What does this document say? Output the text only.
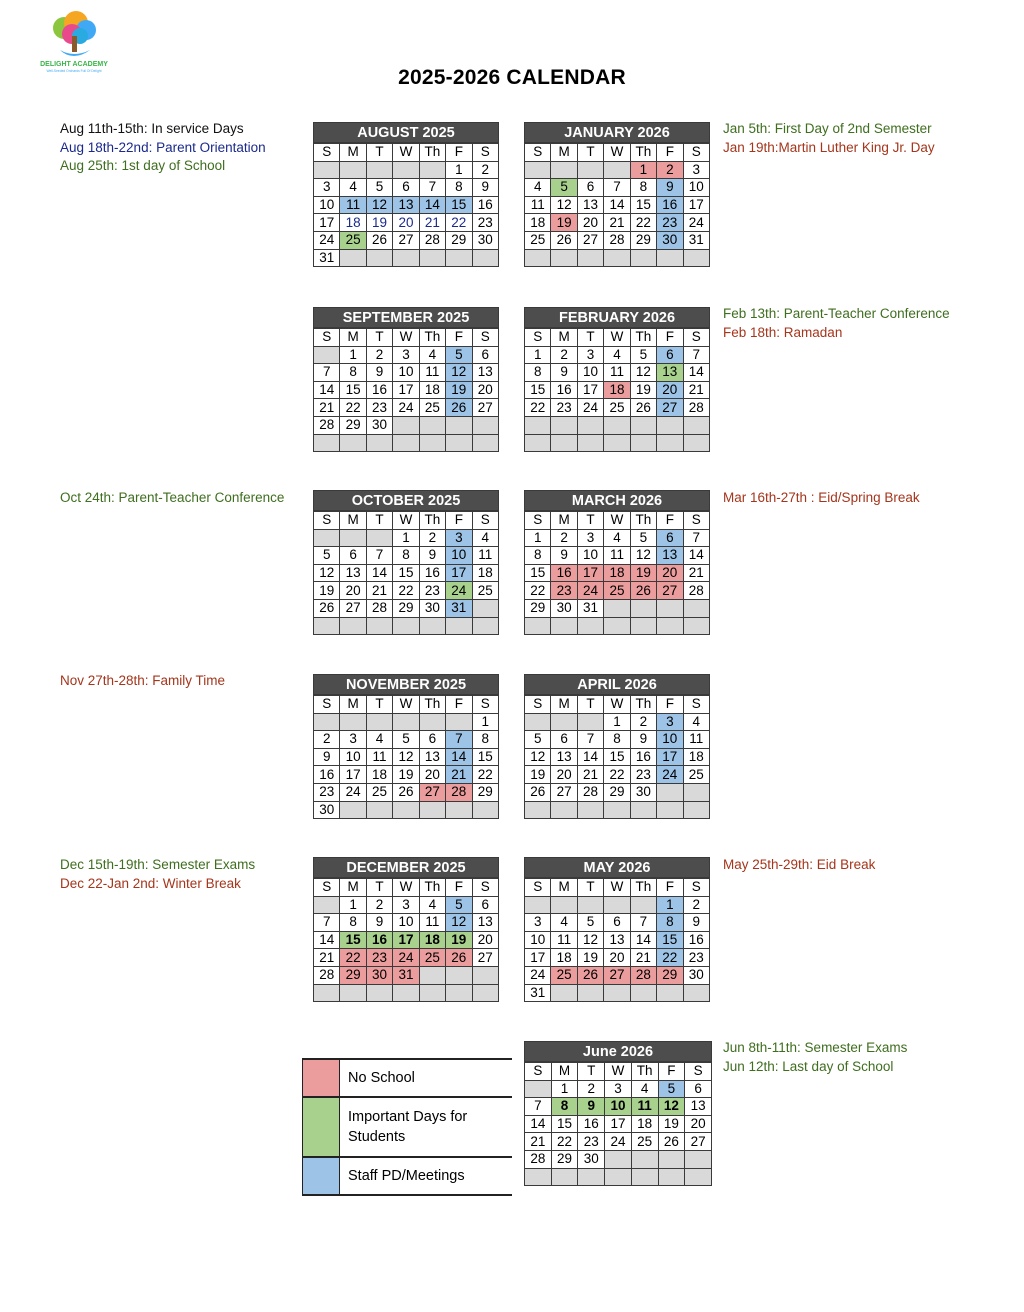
DELIGHT ACADEMY
Well-Seeded Orchards Full Of Delight	2025-2026 CALENDAR
Aug 11th-15th: In service Days
Aug 18th-22nd: Parent Orientation
Aug 25th: 1st day of School
Jan 5th: First Day of 2nd Semester
Jan 19th:Martin Luther King Jr. Day
Feb 13th: Parent-Teacher Conference
Feb 18th: Ramadan
Oct 24th: Parent-Teacher Conference	Mar 16th-27th : Eid/Spring Break
Nov 27th-28th: Family Time
Dec 15th-19th: Semester Exams
Dec 22-Jan 2nd: Winter Break
May 25th-29th: Eid Break
Jun 8th-11th: Semester Exams
Jun 12th: Last day of School
AUGUST 2025
S	M	T	W	Th	F	S
					1	2
3	4	5	6	7	8	9
10	11	12	13	14	15	16
17	18	19	20	21	22	23
24	25	26	27	28	29	30
31						
JANUARY 2026
S	M	T	W	Th	F	S
				1	2	3
4	5	6	7	8	9	10
11	12	13	14	15	16	17
18	19	20	21	22	23	24
25	26	27	28	29	30	31

SEPTEMBER 2025
S	M	T	W	Th	F	S
	1	2	3	4	5	6
7	8	9	10	11	12	13
14	15	16	17	18	19	20
21	22	23	24	25	26	27
28	29	30				

FEBRUARY 2026
S	M	T	W	Th	F	S
1	2	3	4	5	6	7
8	9	10	11	12	13	14
15	16	17	18	19	20	21
22	23	24	25	26	27	28

OCTOBER 2025
S	M	T	W	Th	F	S
			1	2	3	4
5	6	7	8	9	10	11
12	13	14	15	16	17	18
19	20	21	22	23	24	25
26	27	28	29	30	31	

MARCH 2026
S	M	T	W	Th	F	S
1	2	3	4	5	6	7
8	9	10	11	12	13	14
15	16	17	18	19	20	21
22	23	24	25	26	27	28
29	30	31				

NOVEMBER 2025
S	M	T	W	Th	F	S
						1
2	3	4	5	6	7	8
9	10	11	12	13	14	15
16	17	18	19	20	21	22
23	24	25	26	27	28	29
30						
APRIL 2026
S	M	T	W	Th	F	S
			1	2	3	4
5	6	7	8	9	10	11
12	13	14	15	16	17	18
19	20	21	22	23	24	25
26	27	28	29	30		

DECEMBER 2025
S	M	T	W	Th	F	S
	1	2	3	4	5	6
7	8	9	10	11	12	13
14	15	16	17	18	19	20
21	22	23	24	25	26	27
28	29	30	31			

MAY 2026
S	M	T	W	Th	F	S
					1	2
3	4	5	6	7	8	9
10	11	12	13	14	15	16
17	18	19	20	21	22	23
24	25	26	27	28	29	30
31						
June 2026
S	M	T	W	Th	F	S
	1	2	3	4	5	6
7	8	9	10	11	12	13
14	15	16	17	18	19	20
21	22	23	24	25	26	27
28	29	30				

No School
Important Days for Students
Staff PD/Meetings
